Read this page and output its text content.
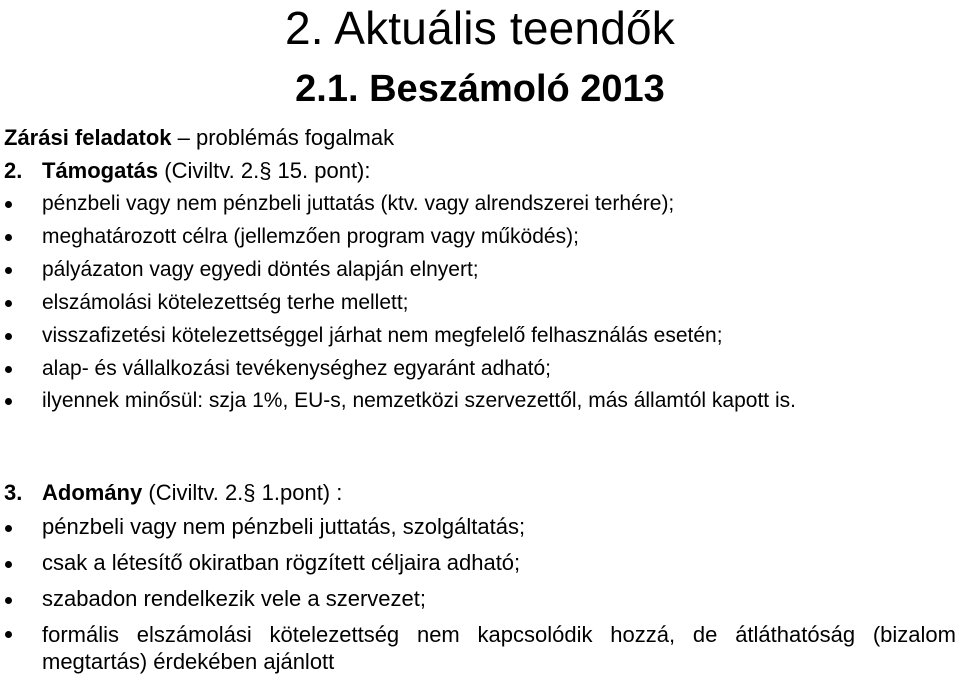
2. Aktuális teendők
2.1. Beszámoló 2013
Zárási feladatok – problémás fogalmak
2. Támogatás (Civiltv. 2.§ 15. pont):
pénzbeli vagy nem pénzbeli juttatás (ktv. vagy alrendszerei terhére);
meghatározott célra (jellemzően program vagy működés);
pályázaton vagy egyedi döntés alapján elnyert;
elszámolási kötelezettség terhe mellett;
visszafizetési kötelezettséggel járhat nem megfelelő felhasználás esetén;
alap- és vállalkozási tevékenységhez egyaránt adható;
ilyennek minősül: szja 1%, EU-s, nemzetközi szervezettől, más államtól kapott is.
3. Adomány (Civiltv. 2.§ 1.pont) :
pénzbeli vagy nem pénzbeli juttatás, szolgáltatás;
csak a létesítő okiratban rögzített céljaira adható;
szabadon rendelkezik vele a szervezet;
formális elszámolási kötelezettség nem kapcsolódik hozzá, de átláthatóság (bizalom megtartás) érdekében ajánlott
